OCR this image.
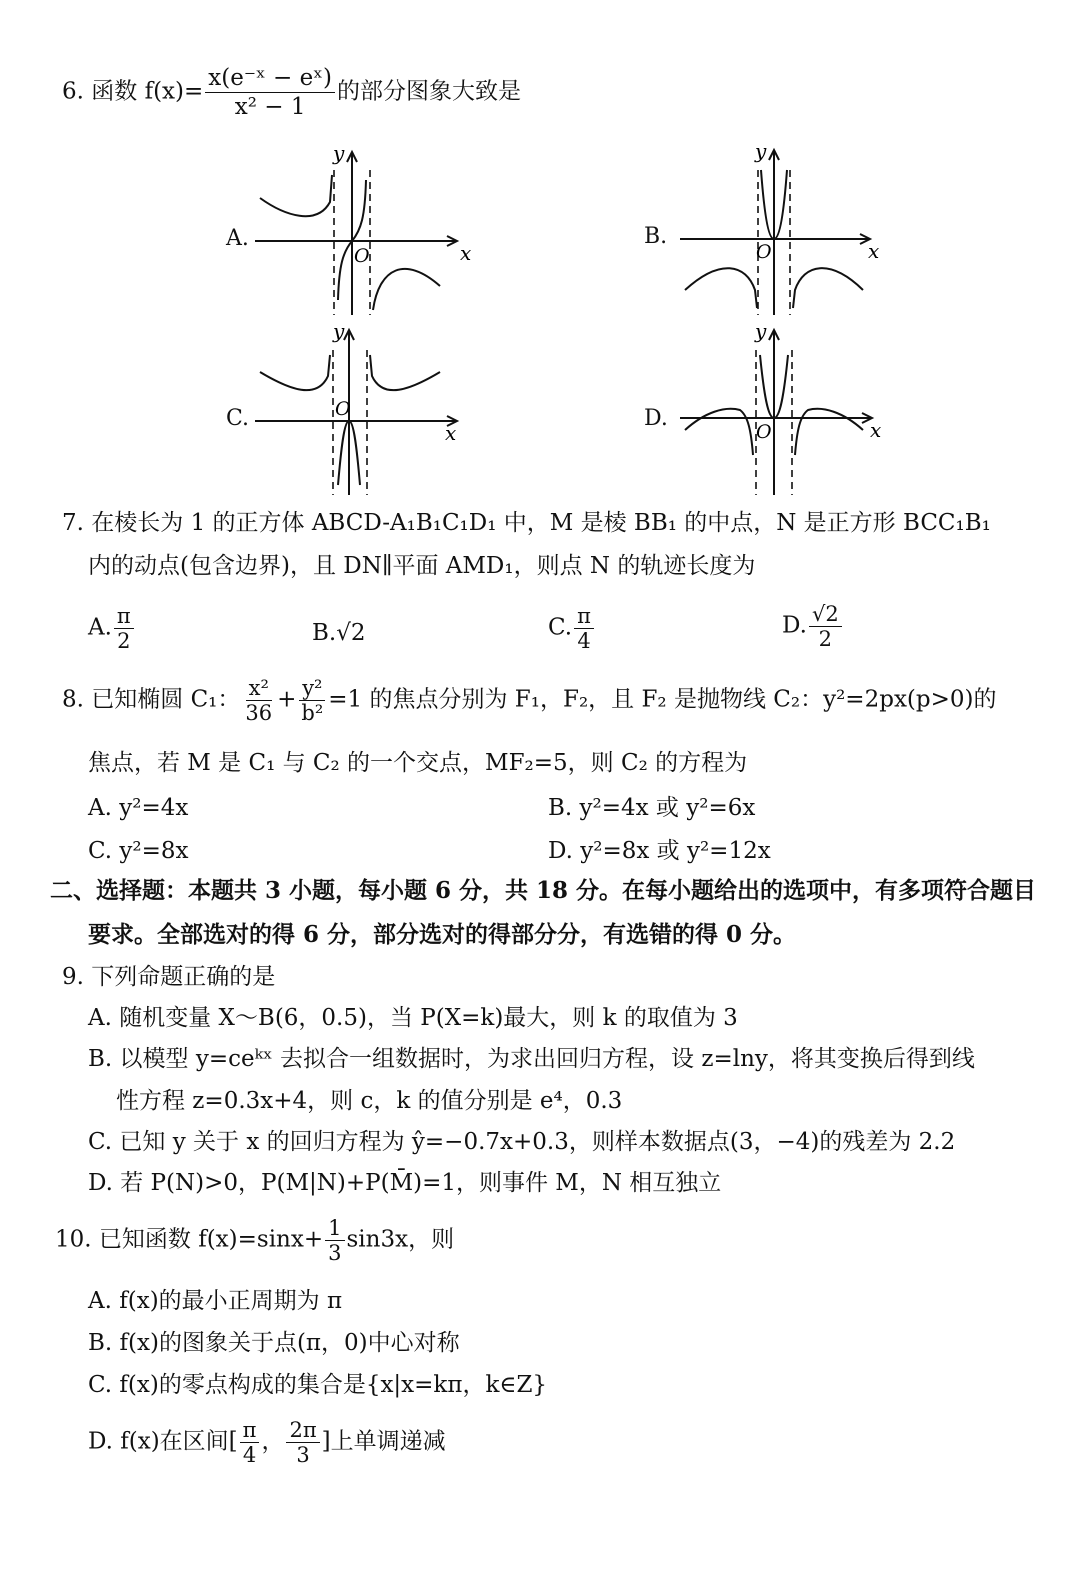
6. 函数 $f(x)= \frac{\text{x(e⁻ˣ − eˣ)}}{\text{x² − 1}}$ 的部分图象大致是
A.
x
y
O
B.
x
y
O
C.
x
y
O	D.	x
y
O
7. 在棱长为 1 的正方体 ABCD-A₁B₁C₁D₁ 中，M 是棱 BB₁ 的中点，N 是正方形 BCC₁B₁
内的动点(包含边界)，且 DN∥平面 AMD₁，则点 N 的轨迹长度为
A. $\frac{\pi}{2}$	B.√2	C. $\frac{\pi}{4}$	D. $\frac{√2}{2}$
8. 已知椭圆 C₁： $\frac{\text{x²}}{36} + \frac{\text{y²}}{\text{b²}} =1$ 的焦点分别为 F₁，F₂，且 F₂ 是抛物线 C₂：y²=2px(p>0)的
焦点，若 M 是 C₁ 与 C₂ 的一个交点，MF₂=5，则 C₂ 的方程为
A. y²=4x	B. y²=4x 或 y²=6x
C. y²=8x	D. y²=8x 或 y²=12x
二、选择题：本题共 3 小题，每小题 6 分，共 18 分。在每小题给出的选项中，有多项符合题目
要求。全部选对的得 6 分，部分选对的得部分分，有选错的得 0 分。
9. 下列命题正确的是
A. 随机变量 X～B(6，0.5)，当 P(X=k)最大，则 k 的取值为 3
B. 以模型 y=ceᵏˣ 去拟合一组数据时，为求出回归方程，设 z=lny，将其变换后得到线
性方程 z=0.3x+4，则 c，k 的值分别是 e⁴，0.3
C. 已知 y 关于 x 的回归方程为 ŷ=−0.7x+0.3，则样本数据点(3，−4)的残差为 2.2
D. 若 P(N)>0，P(M|N)+P(M̄)=1，则事件 M，N 相互独立
10. 已知函数 $f(x)=\sin x+ \frac{1}{3} \sin 3x$，则
A. f(x)的最小正周期为 π
B. f(x)的图象关于点(π，0)中心对称
C. f(x)的零点构成的集合是{x|x=kπ，k∈Z}
D. f(x)在区间[ $\frac{\pi}{4}$ ， $\frac{2\pi}{3}$ ]上单调递减
